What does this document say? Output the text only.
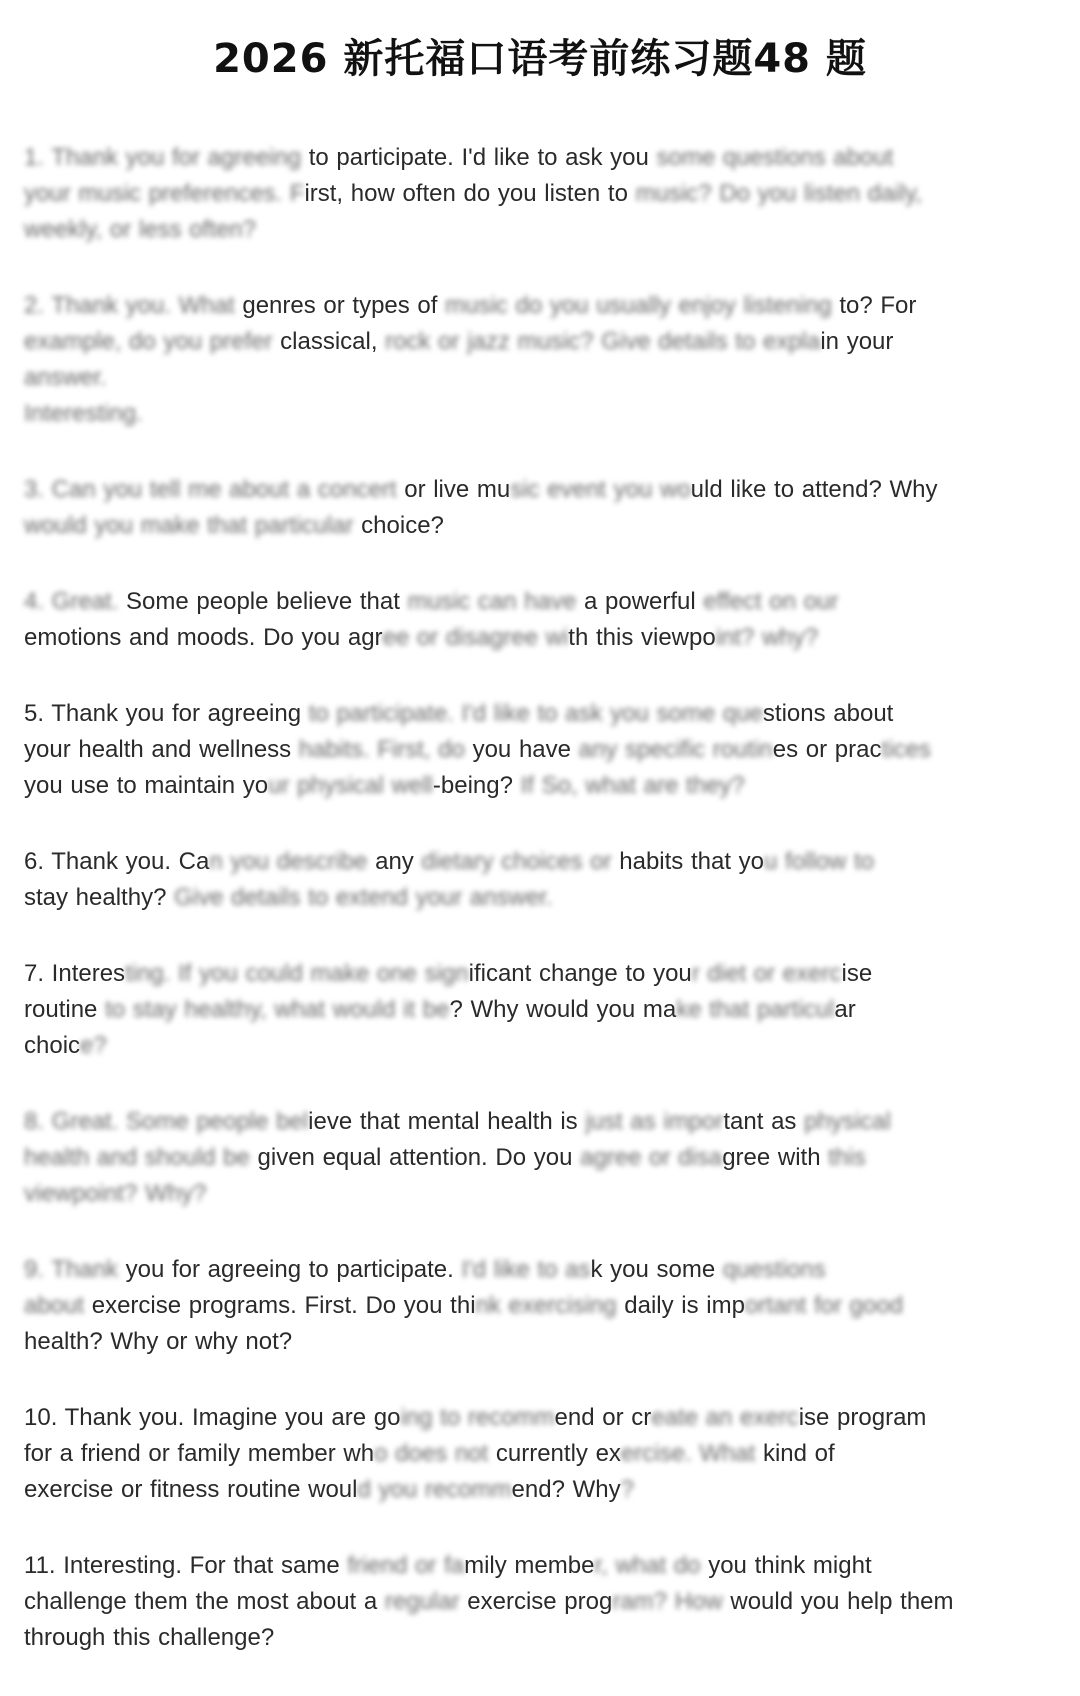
2026 新托福口语考前练习题48 题
1. Thank you for agreeing to participate. I'd like to ask you some questions about
your music preferences. First, how often do you listen to music? Do you listen daily,
weekly, or less often?
2. Thank you. What genres or types of music do you usually enjoy listening to? For
example, do you prefer classical, rock or jazz music? Give details to explain your
answer.
Interesting.
3. Can you tell me about a concert or live music event you would like to attend? Why
would you make that particular choice?
4. Great. Some people believe that music can have a powerful effect on our
emotions and moods. Do you agree or disagree with this viewpoint? why?
5. Thank you for agreeing to participate. I'd like to ask you some questions about
your health and wellness habits. First, do you have any specific routines or practices
you use to maintain your physical well-being? If So, what are they?
6. Thank you. Can you describe any dietary choices or habits that you follow to
stay healthy? Give details to extend your answer.
7. Interesting. If you could make one significant change to your diet or exercise
routine to stay healthy, what would it be? Why would you make that particular
choice?
8. Great. Some people believe that mental health is just as important as physical
health and should be given equal attention. Do you agree or disagree with this
viewpoint? Why?
9. Thank you for agreeing to participate. I'd like to ask you some questions
about exercise programs. First. Do you think exercising daily is important for good
health? Why or why not?
10. Thank you. Imagine you are going to recommend or create an exercise program
for a friend or family member who does not currently exercise. What kind of
exercise or fitness routine would you recommend? Why?
11. Interesting. For that same friend or family member, what do you think might
challenge them the most about a regular exercise program? How would you help them
through this challenge?
